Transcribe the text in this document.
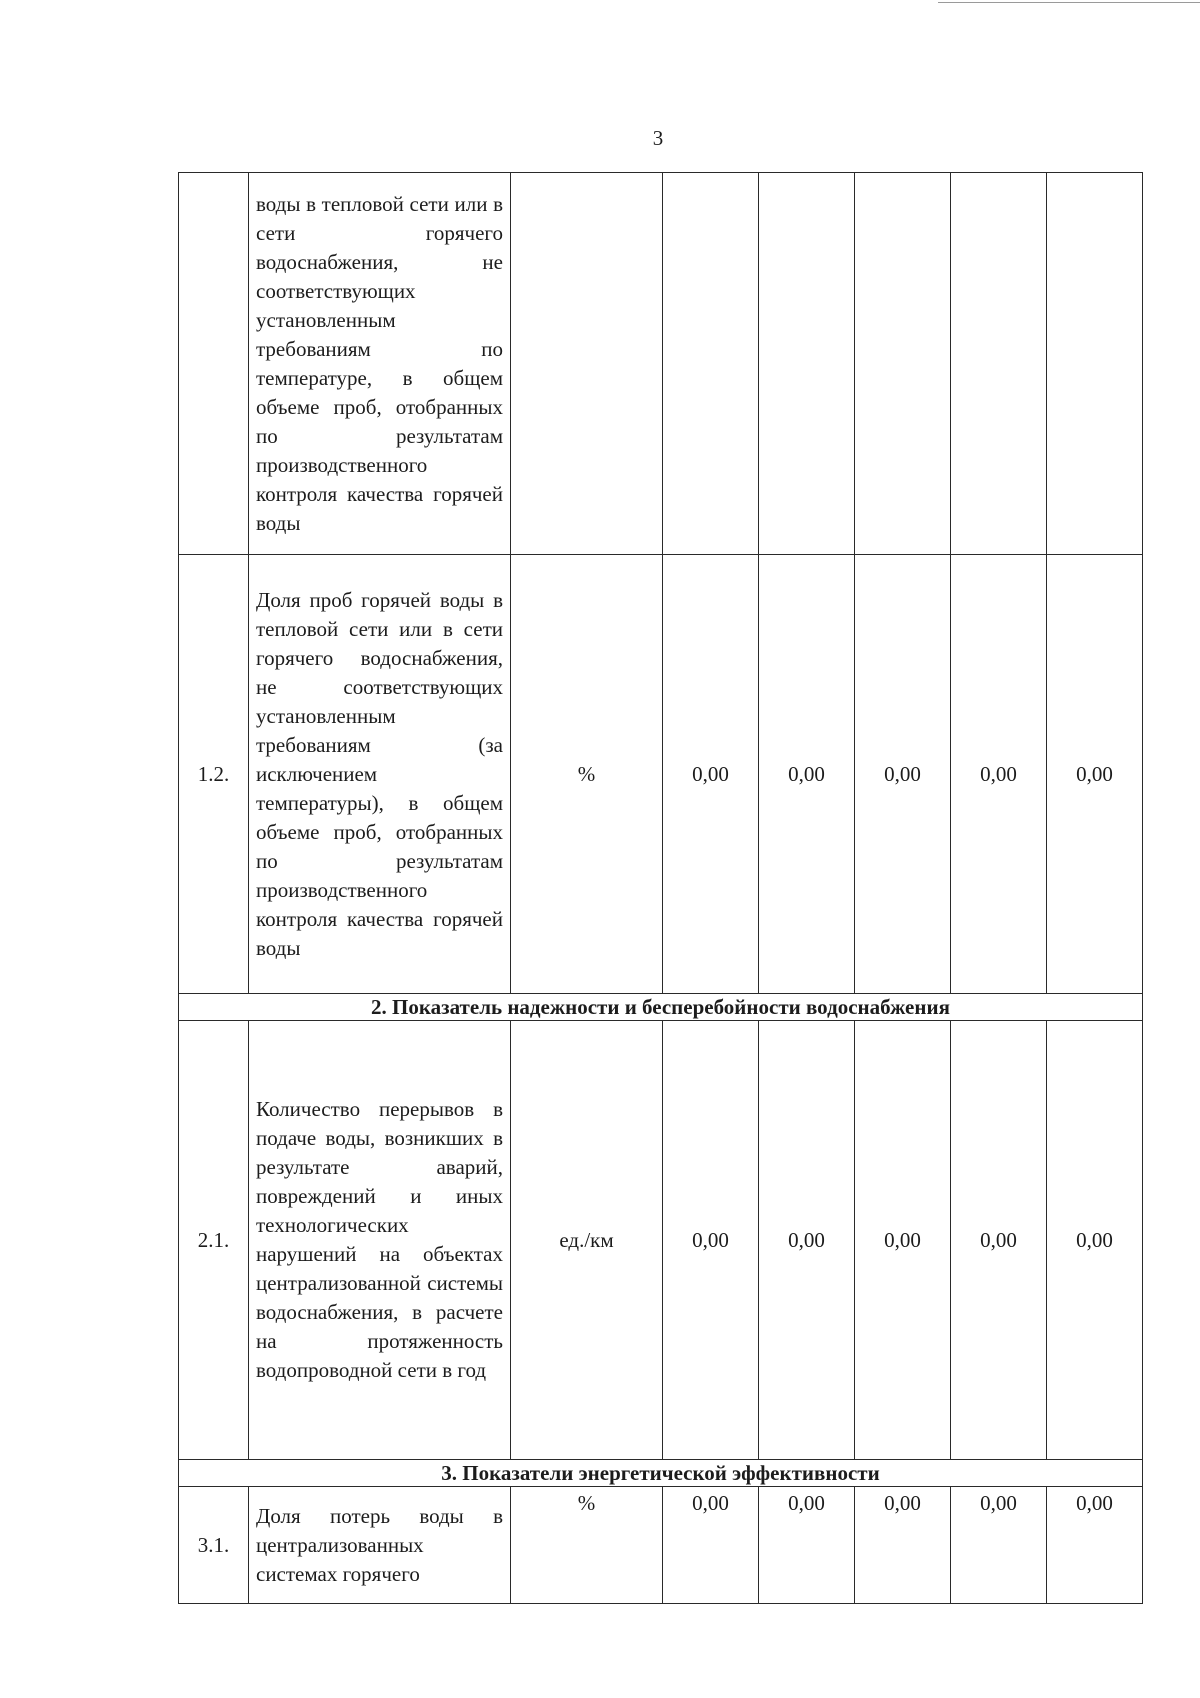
3
	воды в тепловой сети или в сети горячего водоснабжения, не соответствующих установленным требованиям по температуре, в общем объеме проб, отобранных по результатам производственного контроля качества горячей воды						
1.2.	Доля проб горячей воды в тепловой сети или в сети горячего водоснабжения, не соответствующих установленным требованиям (за исключением температуры), в общем объеме проб, отобранных по результатам производственного контроля качества горячей воды	%	0,00	0,00	0,00	0,00	0,00
2. Показатель надежности и бесперебойности водоснабжения							
2.1.	Количество перерывов в подаче воды, возникших в результате аварий, повреждений и иных технологических нарушений на объектах централизованной системы водоснабжения, в расчете на протяженность водопроводной сети в год	ед./км	0,00	0,00	0,00	0,00	0,00
3. Показатели энергетической эффективности							
3.1.	Доля потерь воды в централизованных системах горячего	%	0,00	0,00	0,00	0,00	0,00
